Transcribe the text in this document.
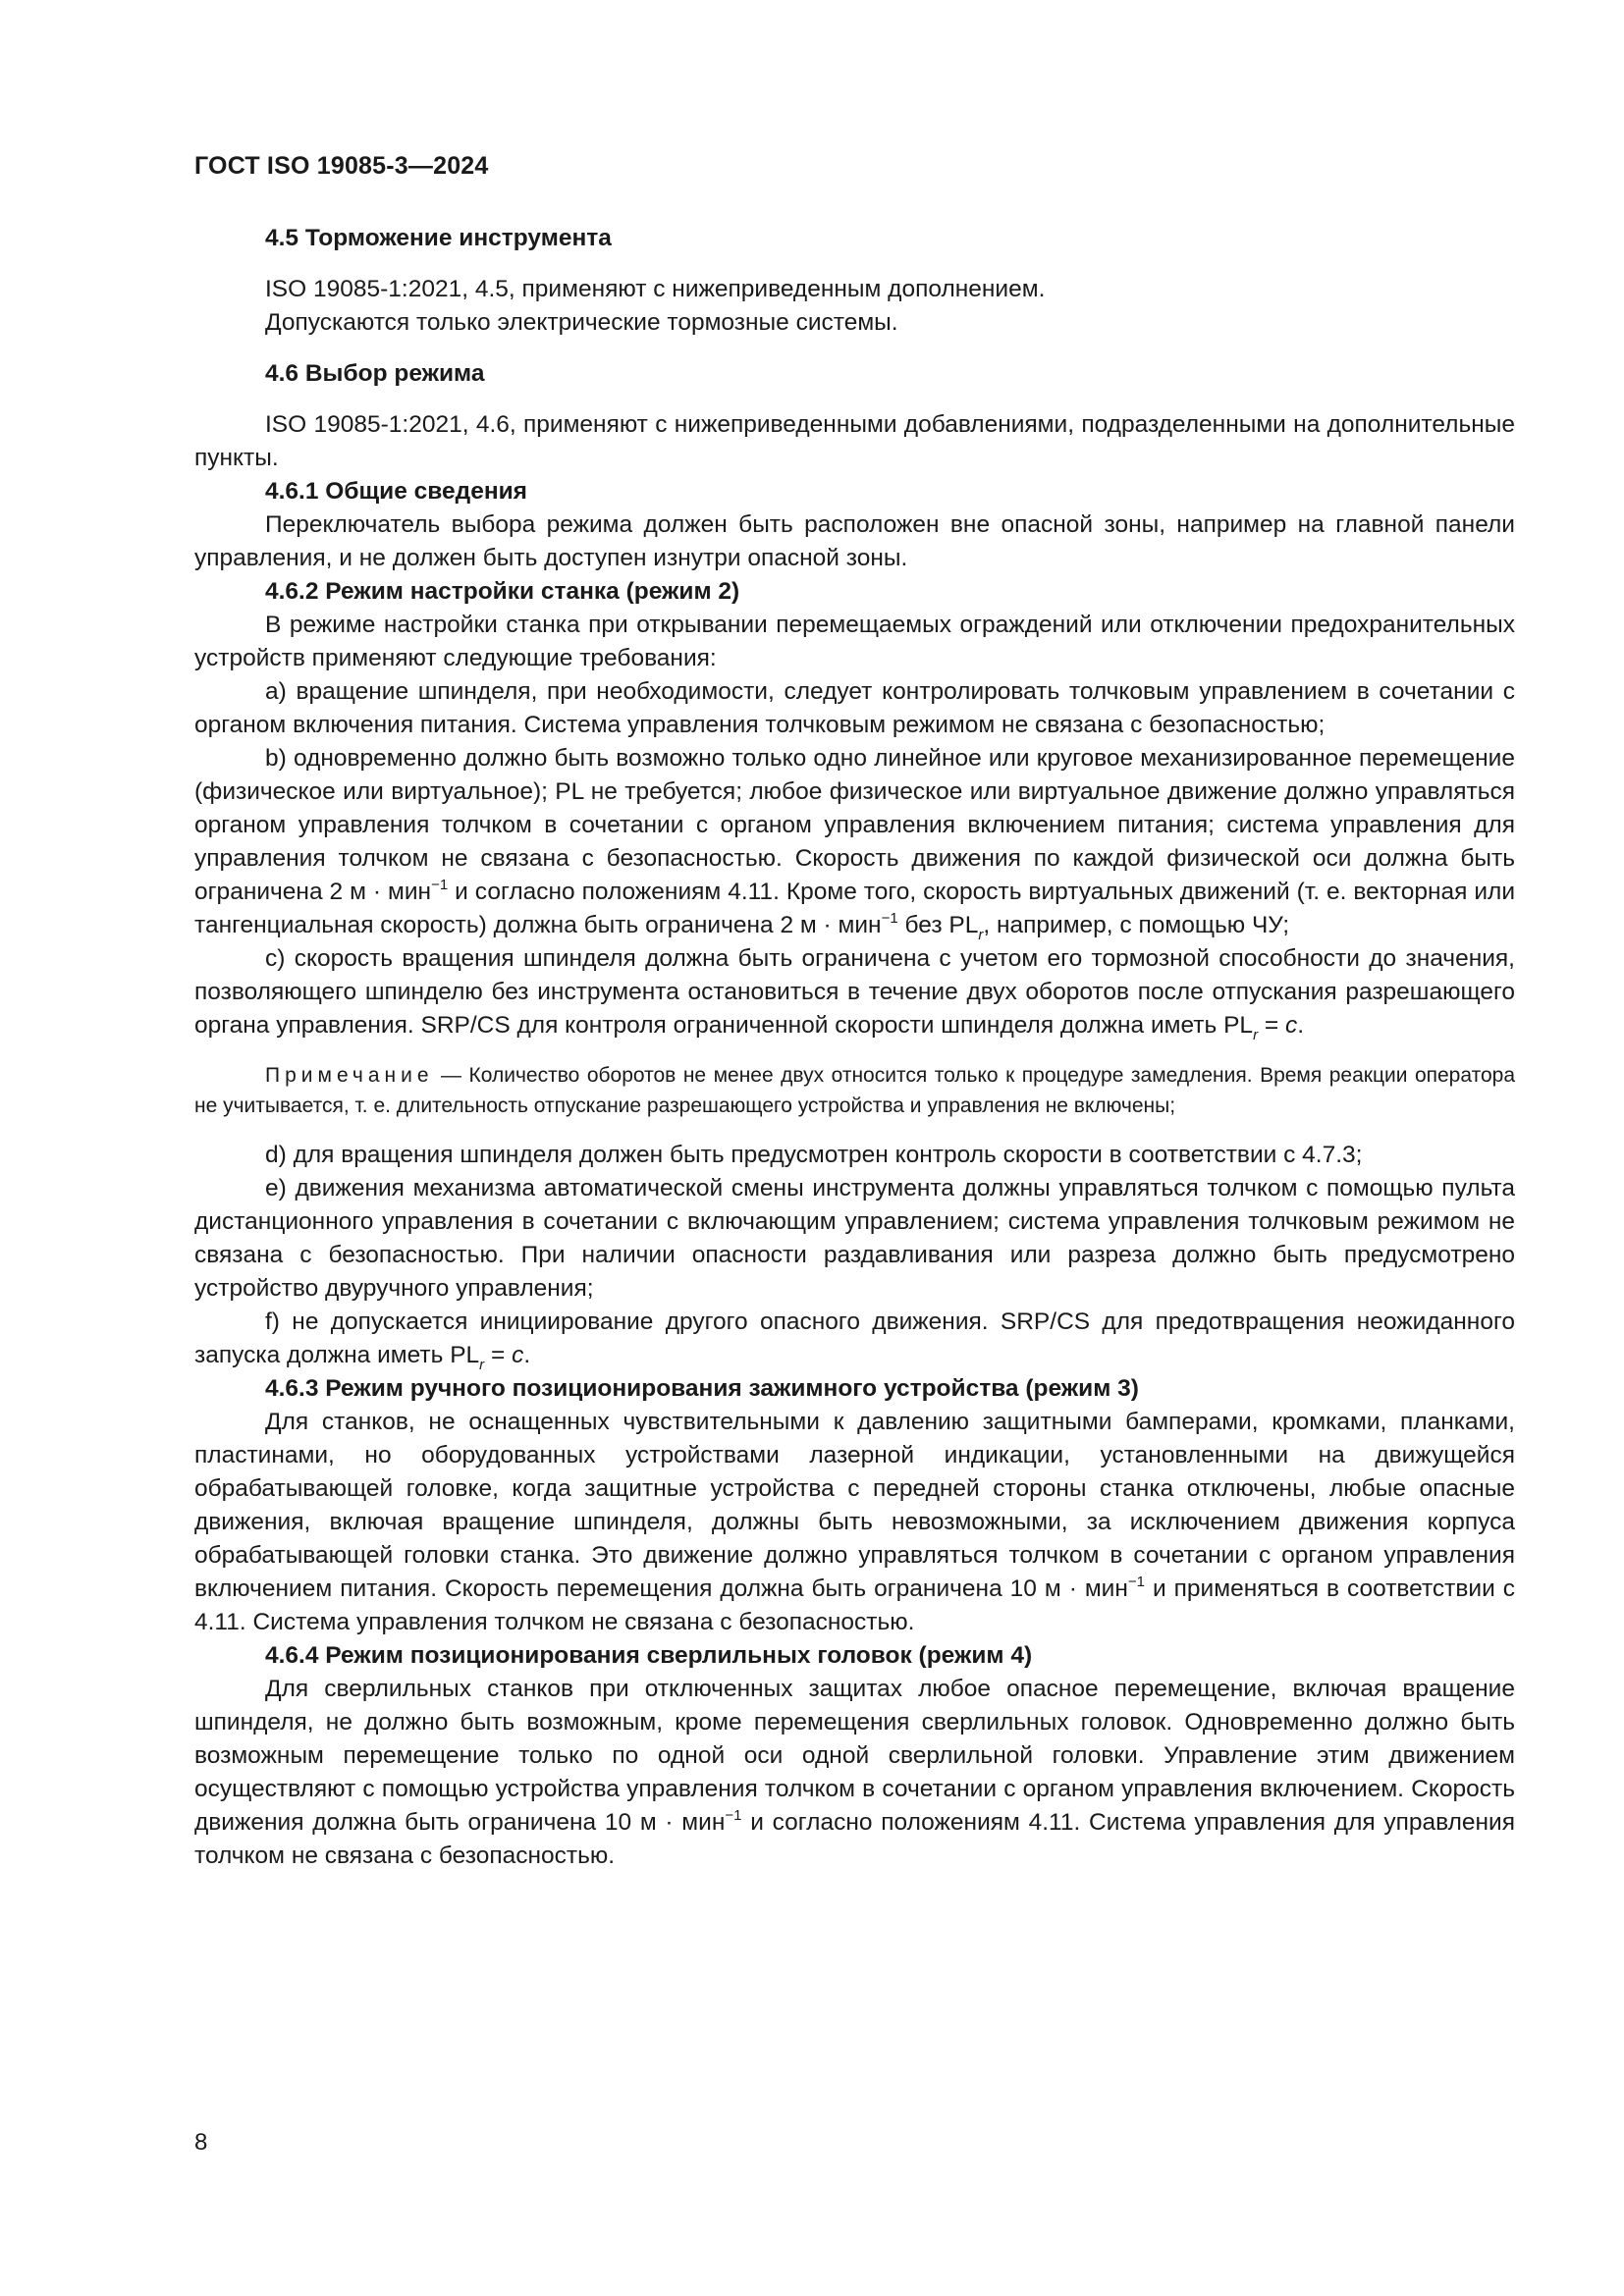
ГОСТ ISO 19085-3—2024

4.5 Торможение инструмента

ISO 19085-1:2021, 4.5, применяют с нижеприведенным дополнением.

Допускаются только электрические тормозные системы.

4.6 Выбор режима

ISO 19085-1:2021, 4.6, применяют с нижеприведенными добавлениями, подразделенными на дополнительные пункты.

4.6.1 Общие сведения

Переключатель выбора режима должен быть расположен вне опасной зоны, например на главной панели управления, и не должен быть доступен изнутри опасной зоны.

4.6.2 Режим настройки станка (режим 2)

В режиме настройки станка при открывании перемещаемых ограждений или отключении предохранительных устройств применяют следующие требования:

a) вращение шпинделя, при необходимости, следует контролировать толчковым управлением в сочетании с органом включения питания. Система управления толчковым режимом не связана с безопасностью;

b) одновременно должно быть возможно только одно линейное или круговое механизированное перемещение (физическое или виртуальное); PL не требуется; любое физическое или виртуальное движение должно управляться органом управления толчком в сочетании с органом управления включением питания; система управления для управления толчком не связана с безопасностью. Скорость движения по каждой физической оси должна быть ограничена 2 м · мин$^{-1}$ и согласно положениям 4.11. Кроме того, скорость виртуальных движений (т. е. векторная или тангенциальная скорость) должна быть ограничена 2 м · мин$^{-1}$ без $PL_r$, например, с помощью ЧУ;

c) скорость вращения шпинделя должна быть ограничена с учетом его тормозной способности до значения, позволяющего шпинделю без инструмента остановиться в течение двух оборотов после отпускания разрешающего органа управления. SRP/CS для контроля ограниченной скорости шпинделя должна иметь $PL_r = c$.

Примечание — Количество оборотов не менее двух относится только к процедуре замедления. Время реакции оператора не учитывается, т. е. длительность отпускание разрешающего устройства и управления не включены;

d) для вращения шпинделя должен быть предусмотрен контроль скорости в соответствии с 4.7.3;

e) движения механизма автоматической смены инструмента должны управляться толчком с помощью пульта дистанционного управления в сочетании с включающим управлением; система управления толчковым режимом не связана с безопасностью. При наличии опасности раздавливания или разреза должно быть предусмотрено устройство двуручного управления;

f) не допускается инициирование другого опасного движения. SRP/CS для предотвращения неожиданного запуска должна иметь $PL_r = c$.

4.6.3 Режим ручного позиционирования зажимного устройства (режим 3)

Для станков, не оснащенных чувствительными к давлению защитными бамперами, кромками, планками, пластинами, но оборудованных устройствами лазерной индикации, установленными на движущейся обрабатывающей головке, когда защитные устройства с передней стороны станка отключены, любые опасные движения, включая вращение шпинделя, должны быть невозможными, за исключением движения корпуса обрабатывающей головки станка. Это движение должно управляться толчком в сочетании с органом управления включением питания. Скорость перемещения должна быть ограничена 10 м · мин$^{-1}$ и применяться в соответствии с 4.11. Система управления толчком не связана с безопасностью.

4.6.4 Режим позиционирования сверлильных головок (режим 4)

Для сверлильных станков при отключенных защитах любое опасное перемещение, включая вращение шпинделя, не должно быть возможным, кроме перемещения сверлильных головок. Одновременно должно быть возможным перемещение только по одной оси одной сверлильной головки. Управление этим движением осуществляют с помощью устройства управления толчком в сочетании с органом управления включением. Скорость движения должна быть ограничена 10 м · мин$^{-1}$ и согласно положениям 4.11. Система управления для управления толчком не связана с безопасностью.

8
